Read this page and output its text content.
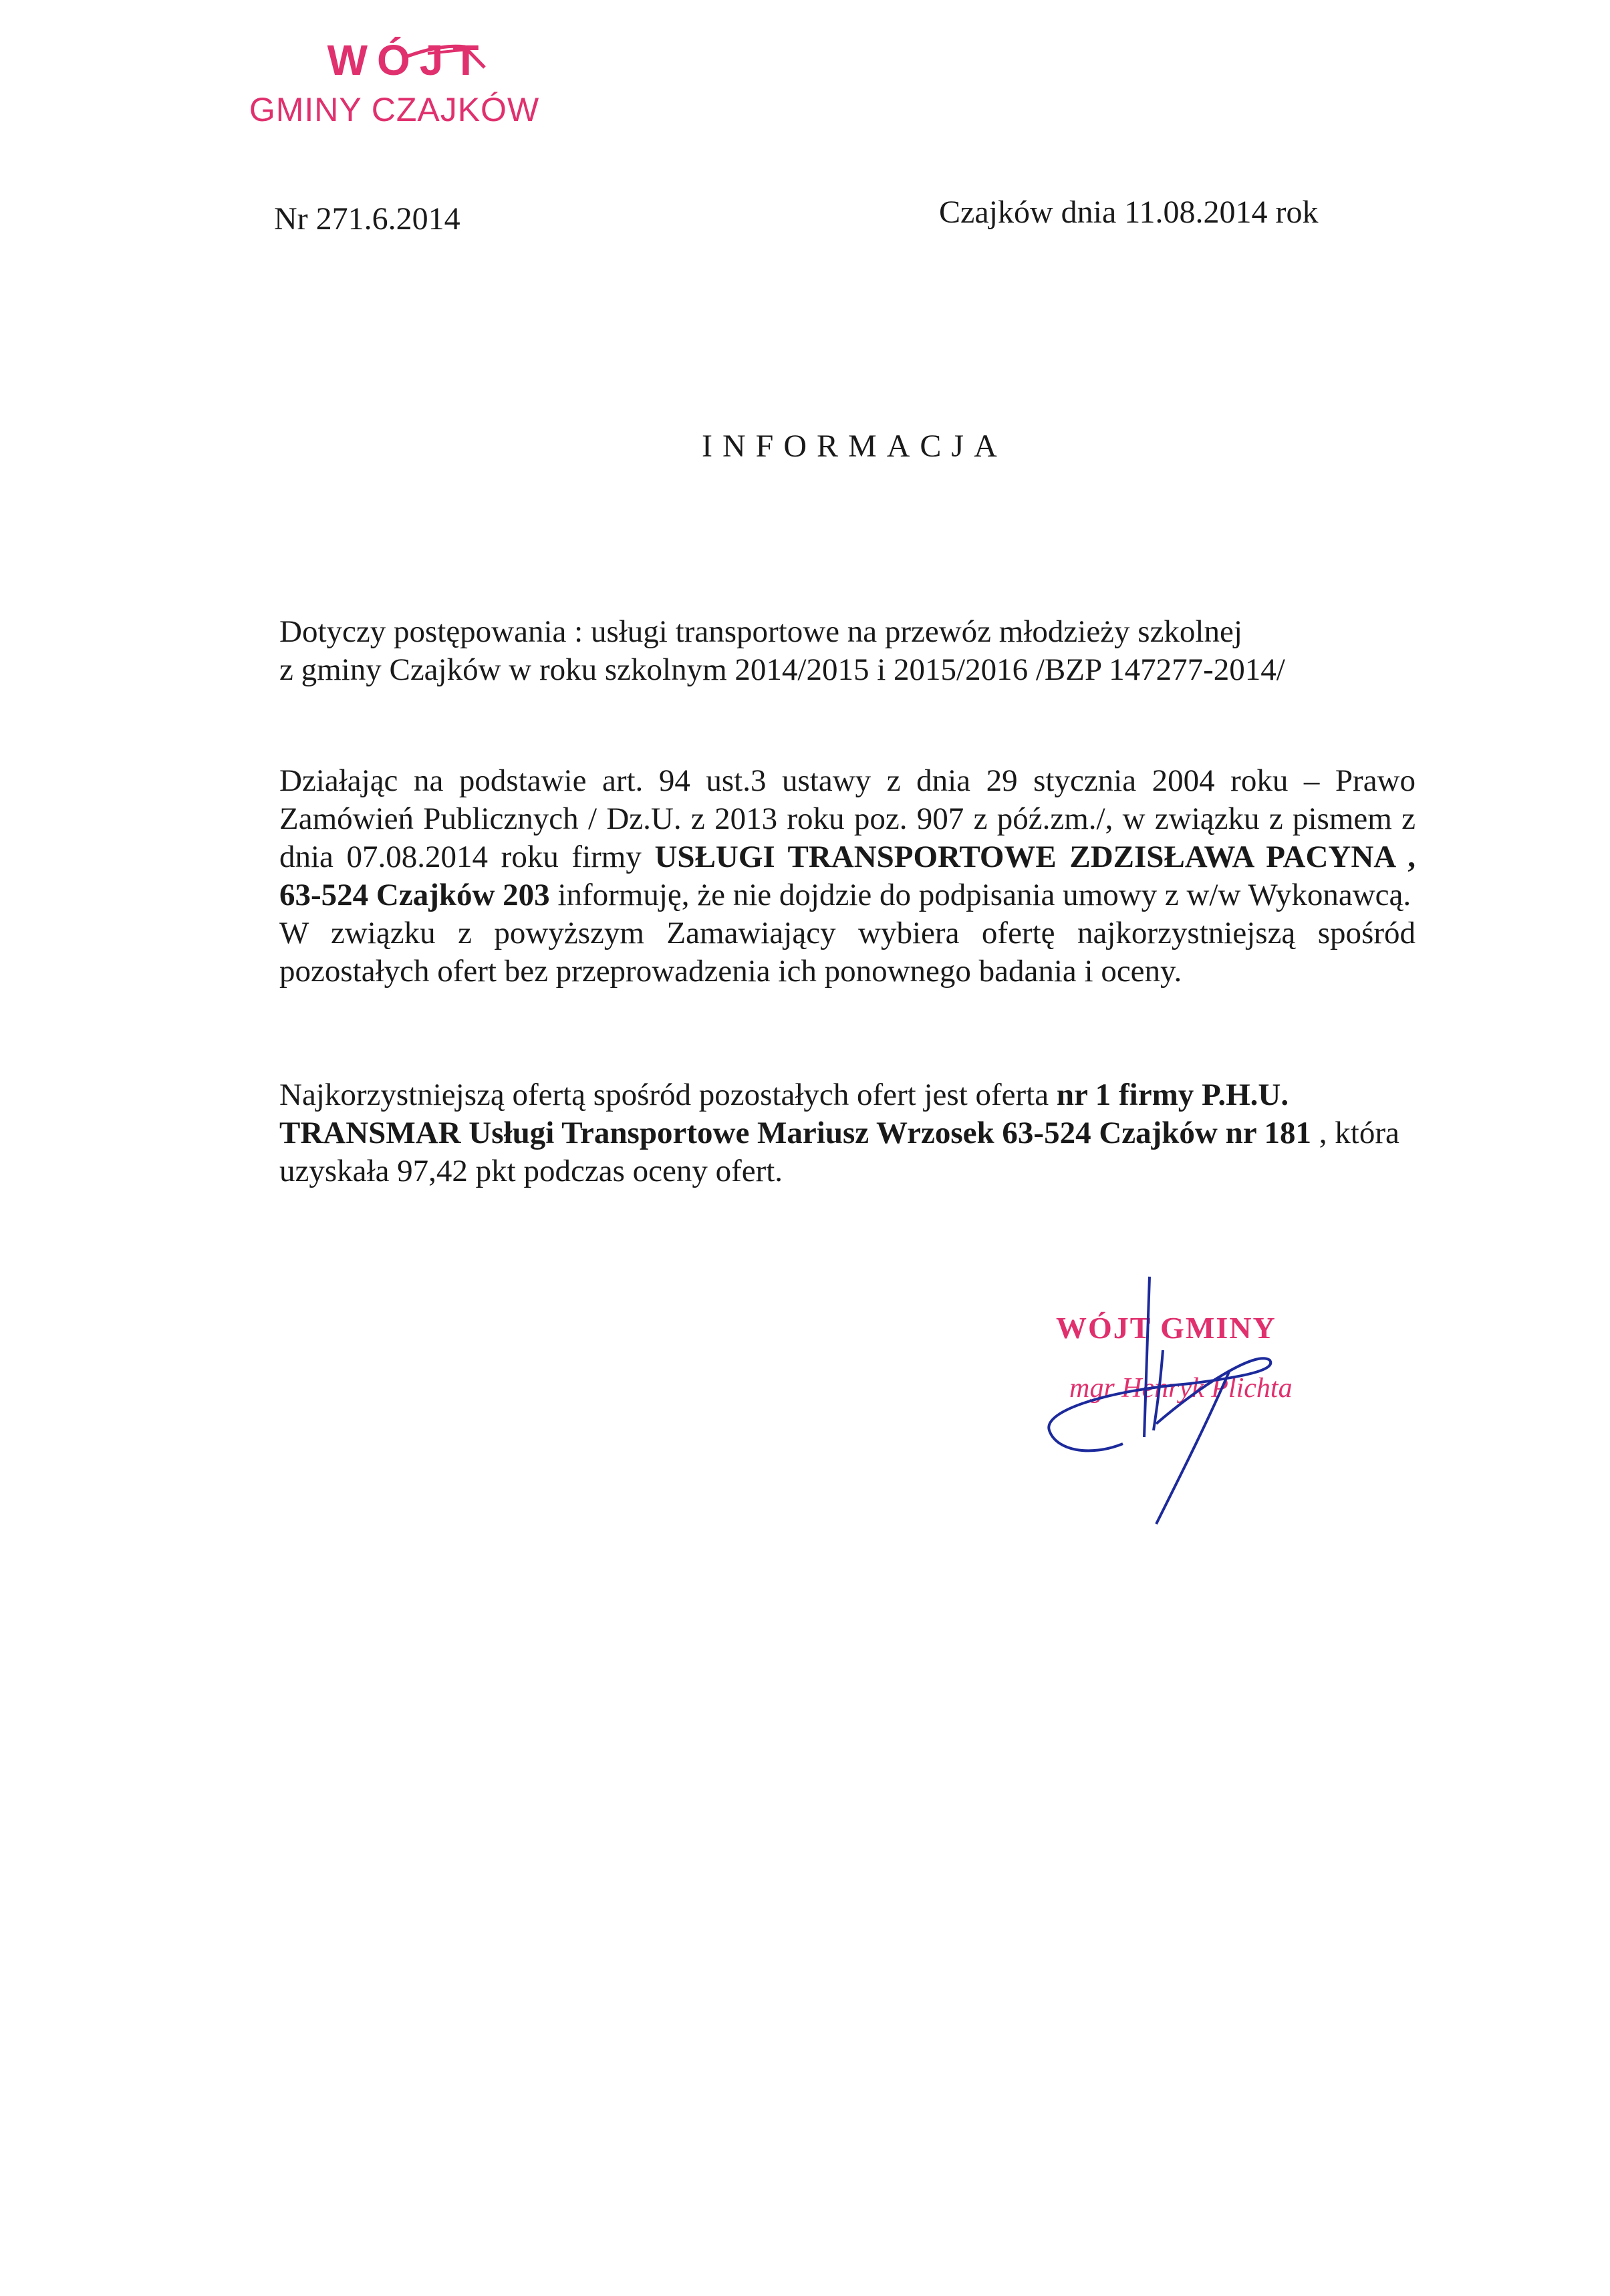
WÓJT
GMINY CZAJKÓW
Nr 271.6.2014	Czajków dnia 11.08.2014 rok
INFORMACJA

Dotyczy postępowania : usługi transportowe na przewóz młodzieży szkolnej

z gminy Czajków w roku szkolnym 2014/2015 i 2015/2016 /BZP 147277-2014/

Działając na podstawie art. 94 ust.3 ustawy z dnia 29 stycznia 2004 roku – Prawo Zamówień Publicznych / Dz.U. z 2013 roku poz. 907 z póź.zm./, w związku z pismem z dnia 07.08.2014 roku firmy USŁUGI TRANSPORTOWE ZDZISŁAWA PACYNA , 63-524 Czajków 203 informuję, że nie dojdzie do podpisania umowy z w/w Wykonawcą.

W związku z powyższym Zamawiający wybiera ofertę najkorzystniejszą spośród pozostałych ofert bez przeprowadzenia ich ponownego badania i oceny.

Najkorzystniejszą ofertą spośród pozostałych ofert jest oferta nr 1 firmy P.H.U. TRANSMAR Usługi Transportowe Mariusz Wrzosek 63-524 Czajków nr 181 , która uzyskała 97,42 pkt podczas oceny ofert.

WÓJT GMINY
mgr Henryk Plichta
